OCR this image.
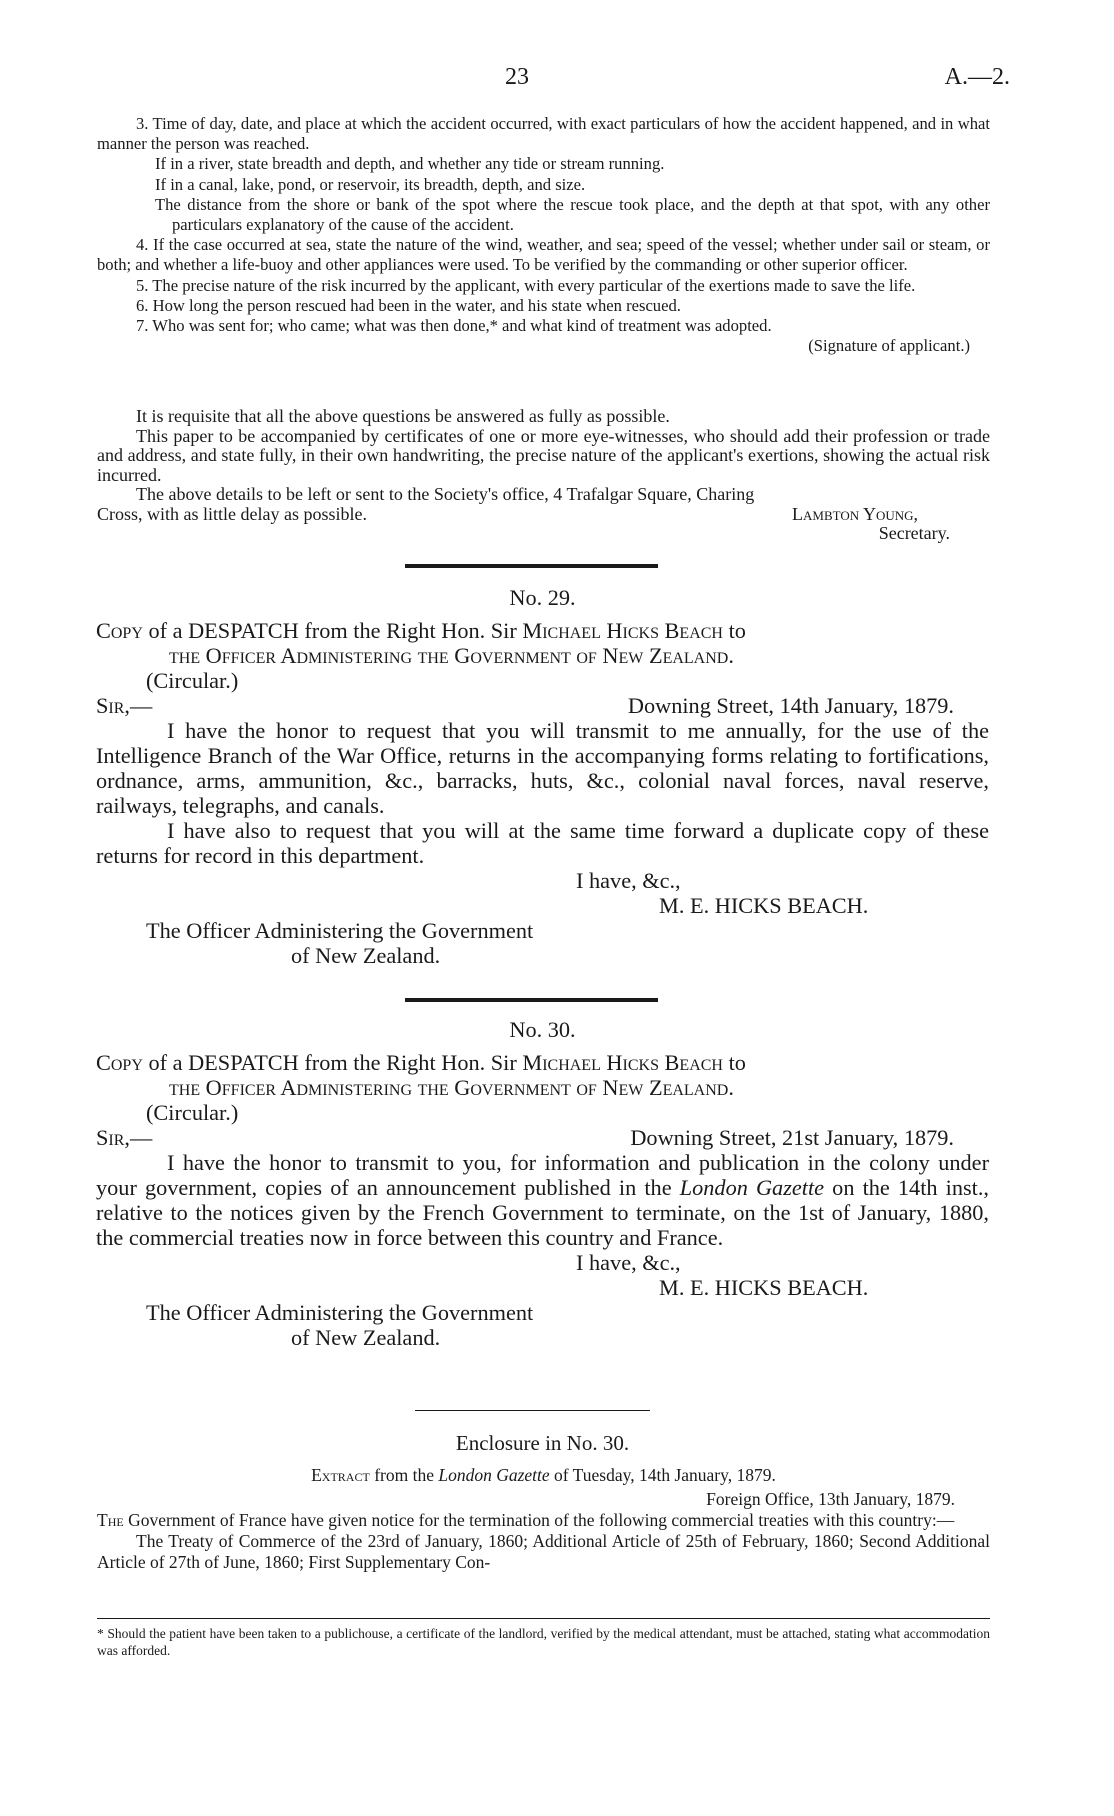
23	A.—2.

3. Time of day, date, and place at which the accident occurred, with exact particulars of how the accident happened, and in what manner the person was reached.

If in a river, state breadth and depth, and whether any tide or stream running.

If in a canal, lake, pond, or reservoir, its breadth, depth, and size.

The distance from the shore or bank of the spot where the rescue took place, and the depth at that spot, with any other particulars explanatory of the cause of the accident.

4. If the case occurred at sea, state the nature of the wind, weather, and sea; speed of the vessel; whether under sail or steam, or both; and whether a life-buoy and other appliances were used. To be verified by the commanding or other superior officer.

5. The precise nature of the risk incurred by the applicant, with every particular of the exertions made to save the life.

6. How long the person rescued had been in the water, and his state when rescued.

7. Who was sent for; who came; what was then done,* and what kind of treatment was adopted.

(Signature of applicant.)

It is requisite that all the above questions be answered as fully as possible.

This paper to be accompanied by certificates of one or more eye-witnesses, who should add their profession or trade and address, and state fully, in their own handwriting, the precise nature of the applicant's exertions, showing the actual risk incurred.

The above details to be left or sent to the Society's office, 4 Trafalgar Square, Charing

Cross, with as little delay as possible.	Lambton Young,

Secretary.

No. 29.

Copy of a DESPATCH from the Right Hon. Sir Michael Hicks Beach to

the Officer Administering the Government of New Zealand.

(Circular.)

Sir,—	Downing Street, 14th January, 1879.

I have the honor to request that you will transmit to me annually, for the use of the Intelligence Branch of the War Office, returns in the accompanying forms relating to fortifications, ordnance, arms, ammunition, &c., barracks, huts, &c., colonial naval forces, naval reserve, railways, telegraphs, and canals.

I have also to request that you will at the same time forward a duplicate copy of these returns for record in this department.

I have, &c.,

M. E. HICKS BEACH.

The Officer Administering the Government

of New Zealand.

No. 30.

Copy of a DESPATCH from the Right Hon. Sir Michael Hicks Beach to

the Officer Administering the Government of New Zealand.

(Circular.)

Sir,—	Downing Street, 21st January, 1879.

I have the honor to transmit to you, for information and publication in the colony under your government, copies of an announcement published in the London Gazette on the 14th inst., relative to the notices given by the French Government to terminate, on the 1st of January, 1880, the commercial treaties now in force between this country and France.

I have, &c.,

M. E. HICKS BEACH.

The Officer Administering the Government

of New Zealand.

Enclosure in No. 30.

Extract from the London Gazette of Tuesday, 14th January, 1879.

Foreign Office, 13th January, 1879.

The Government of France have given notice for the termination of the following commercial treaties with this country:—

The Treaty of Commerce of the 23rd of January, 1860; Additional Article of 25th of February, 1860; Second Additional Article of 27th of June, 1860; First Supplementary Con-

* Should the patient have been taken to a publichouse, a certificate of the landlord, verified by the medical attendant, must be attached, stating what accommodation was afforded.
